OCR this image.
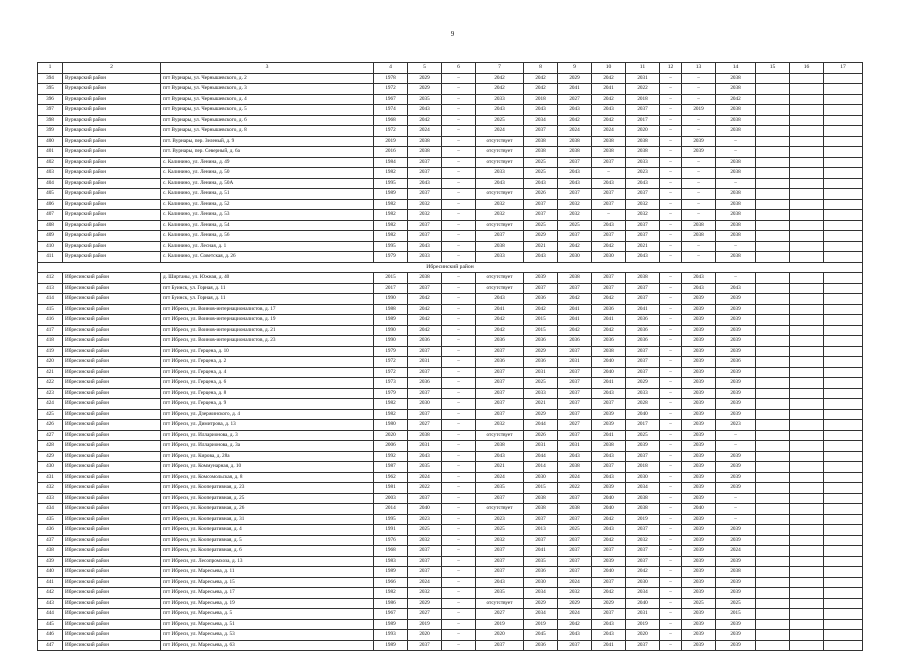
9
1	2	3	4	5	6	7	8	9	10	11	12	13	14	15	16	17
394	Вурнарский район	пгт Вурнары, ул. Чернышевского, д. 2	1978	2029	–	2042	2042	2029	2042	2031	–	–	2038			
395	Вурнарский район	пгт Вурнары, ул. Чернышевского, д. 3	1972	2029	–	2042	2042	2041	2041	2022	–	–	2038			
396	Вурнарский район	пгт Вурнары, ул. Чернышевского, д. 4	1967	2035	–	2033	2018	2027	2042	2018	–	–	2042			
397	Вурнарский район	пгт Вурнары, ул. Чернышевского, д. 5	1974	2043	–	2043	2043	2043	2043	2037	–	2019	2038			
398	Вурнарский район	пгт Вурнары, ул. Чернышевского, д. 6	1968	2042	–	2025	2034	2042	2042	2017	–	–	2038			
399	Вурнарский район	пгт Вурнары, ул. Чернышевского, д. 8	1972	2024	–	2024	2037	2024	2024	2020	–	–	2038			
400	Вурнарский район	пгт. Вурнары, пер. Зеленый, д. 9	2019	2038	–	отсутствует	2038	2038	2038	2038	–	2039	–			
401	Вурнарский район	пгт. Вурнары, пер. Северный, д. 6а	2016	2038	–	отсутствует	2038	2038	2038	2038	–	2039	–			
402	Вурнарский район	с. Калинино, ул. Ленина, д. 49	1984	2037	–	отсутствует	2025	2037	2037	2033	–	–	2038			
403	Вурнарский район	с. Калинино, ул. Ленина, д. 50	1982	2037	–	2033	2025	2043	–	2023	–	–	2038			
404	Вурнарский район	с. Калинино, ул. Ленина, д. 50А	1995	2043	–	2043	2043	2043	2043	2043	–	–	–			
405	Вурнарский район	с. Калинино, ул. Ленина, д. 51	1989	2037	–	отсутствует	2026	2037	2037	2037	–	–	2038			
406	Вурнарский район	с. Калинино, ул. Ленина, д. 52	1982	2032	–	2032	2037	2032	2037	2032	–	–	2038			
407	Вурнарский район	с. Калинино, ул. Ленина, д. 53	1982	2032	–	2032	2037	2032	–	2032	–	–	2038			
408	Вурнарский район	с. Калинино, ул. Ленина, д. 54	1982	2037	–	отсутствует	2025	2025	2043	2037	–	2038	2038			
409	Вурнарский район	с. Калинино, ул. Ленина, д. 56	1982	2037	–	2037	2029	2037	2037	2037	–	2038	2038			
410	Вурнарский район	с. Калинино, ул. Лесная, д. 1	1995	2043	–	2038	2021	2042	2042	2021	–	–	–			
411	Вурнарский район	с. Калинино, ул. Советская, д. 26	1979	2033	–	2033	2043	2030	2030	2043	–	–	2038			
Ибресинский район																
412	Ибресинский район	д. Ширтаны, ул. Южная, д. 40	2015	2038	–	отсутствует	2039	2038	2037	2038	–	2043	–			
413	Ибресинский район	пгт Буинск, ул. Горная, д. 11	2017	2037	–	отсутствует	2037	2037	2037	2037	–	2043	2043			
414	Ибресинский район	пгт Буинск, ул. Горная, д. 11	1990	2042	–	2043	2036	2042	2042	2037	–	2039	2039			
415	Ибресинский район	пгт Ибреси, ул. Воинов-интернационалистов, д. 17	1988	2042	–	2041	2042	2041	2036	2041	–	2039	2039			
416	Ибресинский район	пгт Ибреси, ул. Воинов-интернационалистов, д. 19	1989	2042	–	2042	2015	2041	2041	2036	–	2039	2039			
417	Ибресинский район	пгт Ибреси, ул. Воинов-интернационалистов, д. 21	1990	2042	–	2042	2015	2042	2042	2036	–	2039	2039			
418	Ибресинский район	пгт Ибреси, ул. Воинов-интернационалистов, д. 23	1990	2036	–	2036	2036	2036	2036	2036	–	2039	2039			
419	Ибресинский район	пгт Ибреси, ул. Герцена, д. 10	1979	2037	–	2037	2029	2037	2038	2037	–	2039	2039			
420	Ибресинский район	пгт Ибреси, ул. Герцена, д. 2	1972	2031	–	2036	2036	2031	2040	2037	–	2039	2036			
421	Ибресинский район	пгт Ибреси, ул. Герцена, д. 4	1972	2037	–	2037	2031	2037	2040	2037	–	2039	2039			
422	Ибресинский район	пгт Ибреси, ул. Герцена, д. 6	1973	2036	–	2037	2025	2037	2041	2029	–	2039	2039			
423	Ибресинский район	пгт Ибреси, ул. Герцена, д. 8	1979	2037	–	2037	2033	2037	2043	2033	–	2039	2039			
424	Ибресинский район	пгт Ибреси, ул. Герцена, д. 9	1982	2030	–	2037	2021	2037	2037	2028	–	2039	2039			
425	Ибресинский район	пгт Ибреси, ул. Дзержинского, д. 4	1982	2037	–	2037	2029	2037	2039	2040	–	2039	2039			
426	Ибресинский район	пгт Ибреси, ул. Димитрова, д. 13	1980	2027	–	2032	2044	2027	2039	2017	–	2039	2023			
427	Ибресинский район	пгт Ибреси, ул. Илларионова, д. 3	2020	2038	–	отсутствует	2026	2037	2041	2025	–	2039	–			
428	Ибресинский район	пгт Ибреси, ул. Илларионова, д. 3а	2006	2031	–	2038	2031	2031	2038	2039	–	2039	–			
429	Ибресинский район	пгт Ибреси, ул. Кирова, д. 28а	1992	2043	–	2043	2044	2043	2043	2037	–	2039	2039			
430	Ибресинский район	пгт Ибреси, ул. Коммунарная, д. 10	1987	2035	–	2021	2014	2038	2037	2018	–	2039	2039			
431	Ибресинский район	пгт Ибреси, ул. Комсомольская, д. 8	1962	2024	–	2024	2030	2024	2043	2030	–	2039	2039			
432	Ибресинский район	пгт Ибреси, ул. Кооперативная, д. 23	1981	2022	–	2035	2015	2022	2039	2034	–	2039	2039			
433	Ибресинский район	пгт Ибреси, ул. Кооперативная, д. 25	2003	2037	–	2037	2038	2037	2040	2038	–	2039	–			
434	Ибресинский район	пгт Ибреси, ул. Кооперативная, д. 26	2014	2040	–	отсутствует	2038	2038	2040	2038	–	2040	–			
435	Ибресинский район	пгт Ибреси, ул. Кооперативная, д. 31	1995	2023	–	2023	2037	2037	2042	2019	–	2039	–			
436	Ибресинский район	пгт Ибреси, ул. Кооперативная, д. 4	1991	2025	–	2025	2013	2025	2043	2037	–	2039	2039			
437	Ибресинский район	пгт Ибреси, ул. Кооперативная, д. 5	1976	2032	–	2032	2037	2037	2042	2032	–	2039	2039			
438	Ибресинский район	пгт Ибреси, ул. Кооперативная, д. 6	1968	2037	–	2037	2041	2037	2037	2037	–	2039	2024			
439	Ибресинский район	пгт Ибреси, ул. Лесопромхоза, д. 13	1983	2037	–	2037	2035	2037	2039	2037	–	2039	2039			
440	Ибресинский район	пгт Ибреси, ул. Маресьева, д. 11	1989	2037	–	2037	2036	2037	2040	2042	–	2039	2038			
441	Ибресинский район	пгт Ибреси, ул. Маресьева, д. 15	1966	2024	–	2043	2030	2024	2037	2030	–	2039	2039			
442	Ибресинский район	пгт Ибреси, ул. Маресьева, д. 17	1982	2032	–	2035	2034	2032	2042	2034	–	2039	2039			
443	Ибресинский район	пгт Ибреси, ул. Маресьева, д. 19	1986	2029	–	отсутствует	2029	2029	2029	2040	–	2025	2025			
444	Ибресинский район	пгт Ибреси, ул. Маресьева, д. 5	1967	2027	–	2027	2034	2024	2037	2031	–	2039	2015			
445	Ибресинский район	пгт Ибреси, ул. Маресьева, д. 51	1989	2019	–	2019	2019	2042	2043	2019	–	2039	2039			
446	Ибресинский район	пгт Ибреси, ул. Маресьева, д. 53	1993	2020	–	2020	2045	2043	2043	2020	–	2039	2039			
447	Ибресинский район	пгт Ибреси, ул. Маресьева, д. 63	1989	2037	–	2037	2036	2037	2041	2037	–	2039	2039			
